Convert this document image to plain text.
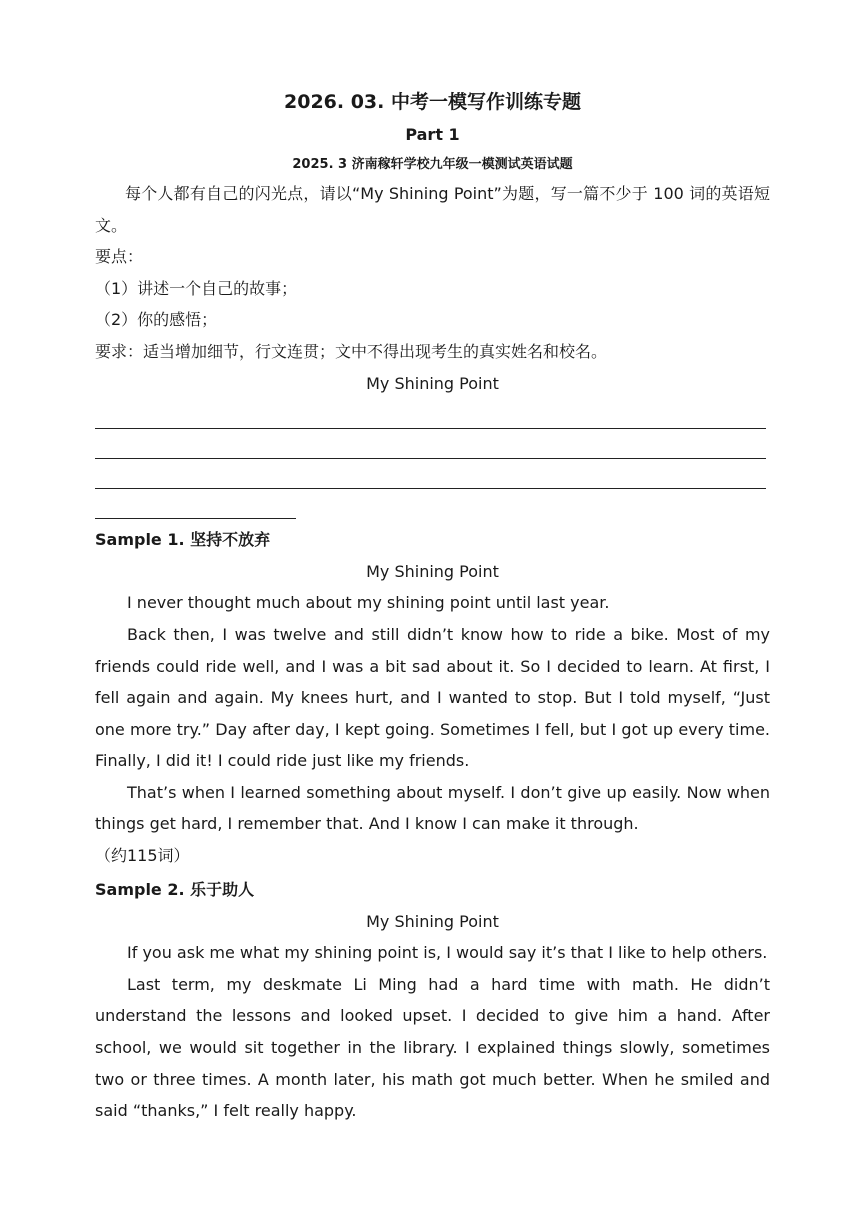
2026. 03. 中考一模写作训练专题
Part 1
2025. 3 济南稼轩学校九年级一模测试英语试题

每个人都有自己的闪光点，请以“My Shining Point”为题，写一篇不少于 100 词的英语短文。

要点：

（1）讲述一个自己的故事；

（2）你的感悟；

要求：适当增加细节，行文连贯；文中不得出现考生的真实姓名和校名。

My Shining Point

Sample 1. 坚持不放弃

My Shining Point

I never thought much about my shining point until last year.

Back then, I was twelve and still didn’t know how to ride a bike. Most of my friends could ride well, and I was a bit sad about it. So I decided to learn. At first, I fell again and again. My knees hurt, and I wanted to stop. But I told myself, “Just one more try.” Day after day, I kept going. Sometimes I fell, but I got up every time. Finally, I did it! I could ride just like my friends.

That’s when I learned something about myself. I don’t give up easily. Now when things get hard, I remember that. And I know I can make it through.

（约115词）

Sample 2. 乐于助人

My Shining Point

If you ask me what my shining point is, I would say it’s that I like to help others.

Last term, my deskmate Li Ming had a hard time with math. He didn’t understand the lessons and looked upset. I decided to give him a hand. After school, we would sit together in the library. I explained things slowly, sometimes two or three times. A month later, his math got much better. When he smiled and said “thanks,” I felt really happy.
